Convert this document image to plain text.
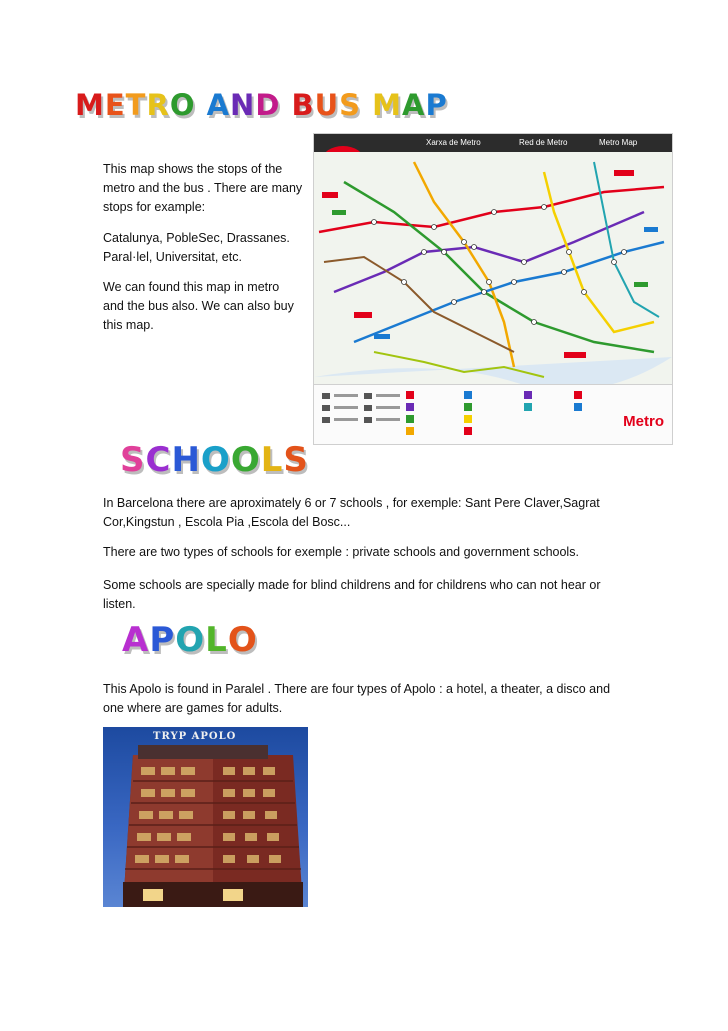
METRO AND BUS MAP

This map shows the stops of the
metro and the bus . There are many
stops for example:

Catalunya, PobleSec, Drassanes.
Paral·lel, Universitat, etc.

We can found this map in metro
and the bus also. We can also buy
this map.

Xarxa de Metro	Red de Metro	Metro Map
Metro
SCHOOLS

In Barcelona there are aproximately 6 or 7 schools , for exemple: Sant Pere Claver,Sagrat
Cor,Kingstun , Escola Pia ,Escola del Bosc...

There are two types of schools for exemple : private schools and government schools.

Some schools are specially made for blind childrens and for childrens who can not hear or
listen.

APOLO

This Apolo is found in Paralel . There are four types of Apolo : a hotel, a theater, a disco and
one where are games for adults.

TRYP APOLO
